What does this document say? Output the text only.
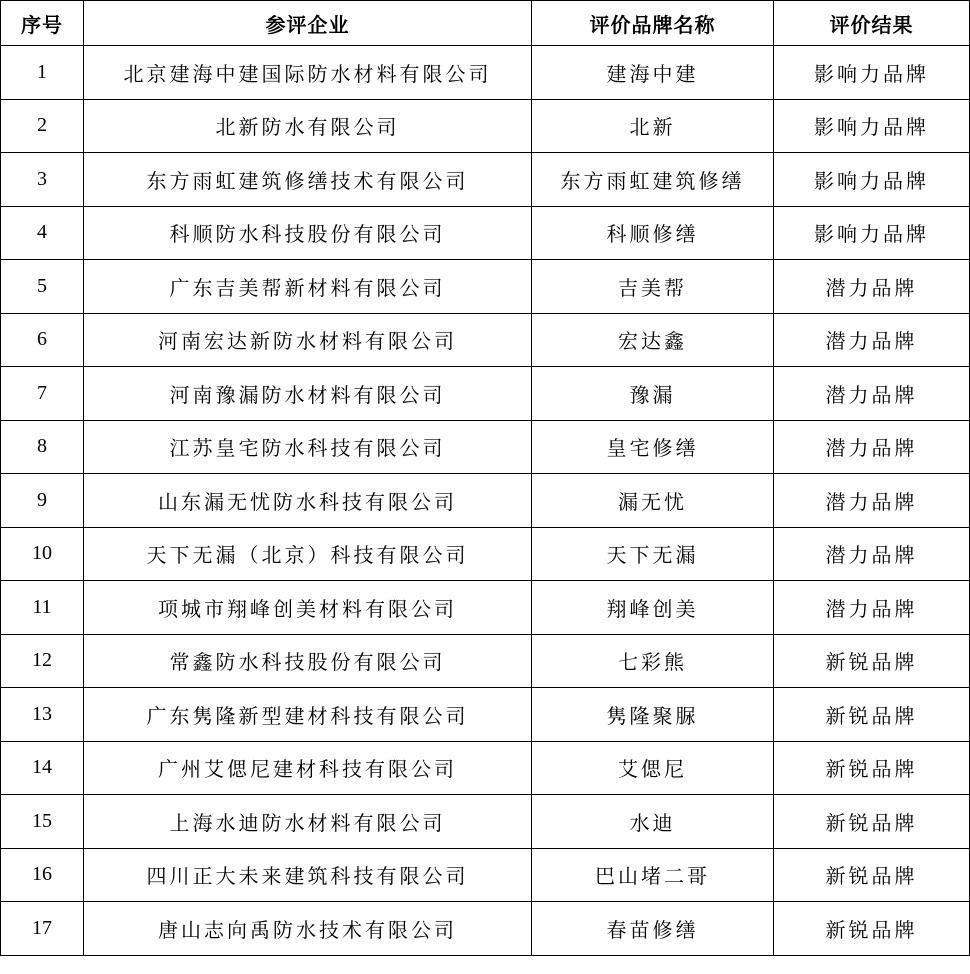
序号	参评企业	评价品牌名称	评价结果
1	北京建海中建国际防水材料有限公司	建海中建	影响力品牌
2	北新防水有限公司	北新	影响力品牌
3	东方雨虹建筑修缮技术有限公司	东方雨虹建筑修缮	影响力品牌
4	科顺防水科技股份有限公司	科顺修缮	影响力品牌
5	广东吉美帮新材料有限公司	吉美帮	潜力品牌
6	河南宏达新防水材料有限公司	宏达鑫	潜力品牌
7	河南豫漏防水材料有限公司	豫漏	潜力品牌
8	江苏皇宅防水科技有限公司	皇宅修缮	潜力品牌
9	山东漏无忧防水科技有限公司	漏无忧	潜力品牌
10	天下无漏（北京）科技有限公司	天下无漏	潜力品牌
11	项城市翔峰创美材料有限公司	翔峰创美	潜力品牌
12	常鑫防水科技股份有限公司	七彩熊	新锐品牌
13	广东隽隆新型建材科技有限公司	隽隆聚脲	新锐品牌
14	广州艾偲尼建材科技有限公司	艾偲尼	新锐品牌
15	上海水迪防水材料有限公司	水迪	新锐品牌
16	四川正大未来建筑科技有限公司	巴山堵二哥	新锐品牌
17	唐山志向禹防水技术有限公司	春苗修缮	新锐品牌
